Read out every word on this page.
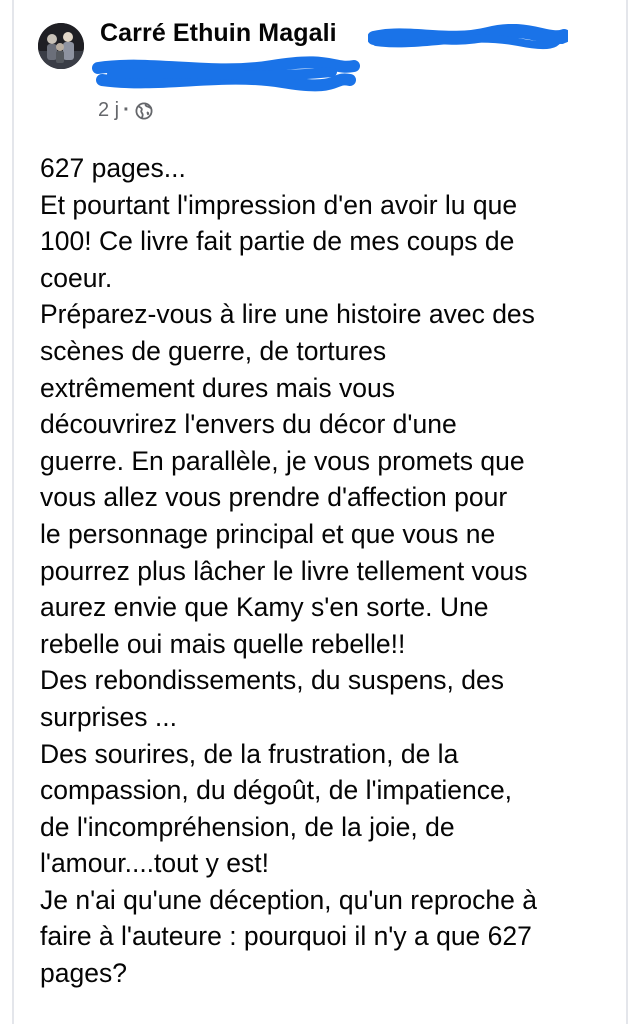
Carré Ethuin Magali
2 j ·
627 pages...
Et pourtant l'impression d'en avoir lu que
100! Ce livre fait partie de mes coups de
coeur.
Préparez-vous à lire une histoire avec des
scènes de guerre, de tortures
extrêmement dures mais vous
découvrirez l'envers du décor d'une
guerre. En parallèle, je vous promets que
vous allez vous prendre d'affection pour
le personnage principal et que vous ne
pourrez plus lâcher le livre tellement vous
aurez envie que Kamy s'en sorte. Une
rebelle oui mais quelle rebelle!!
Des rebondissements, du suspens, des
surprises ...
Des sourires, de la frustration, de la
compassion, du dégoût, de l'impatience,
de l'incompréhension, de la joie, de
l'amour....tout y est!
Je n'ai qu'une déception, qu'un reproche à
faire à l'auteure : pourquoi il n'y a que 627
pages?
